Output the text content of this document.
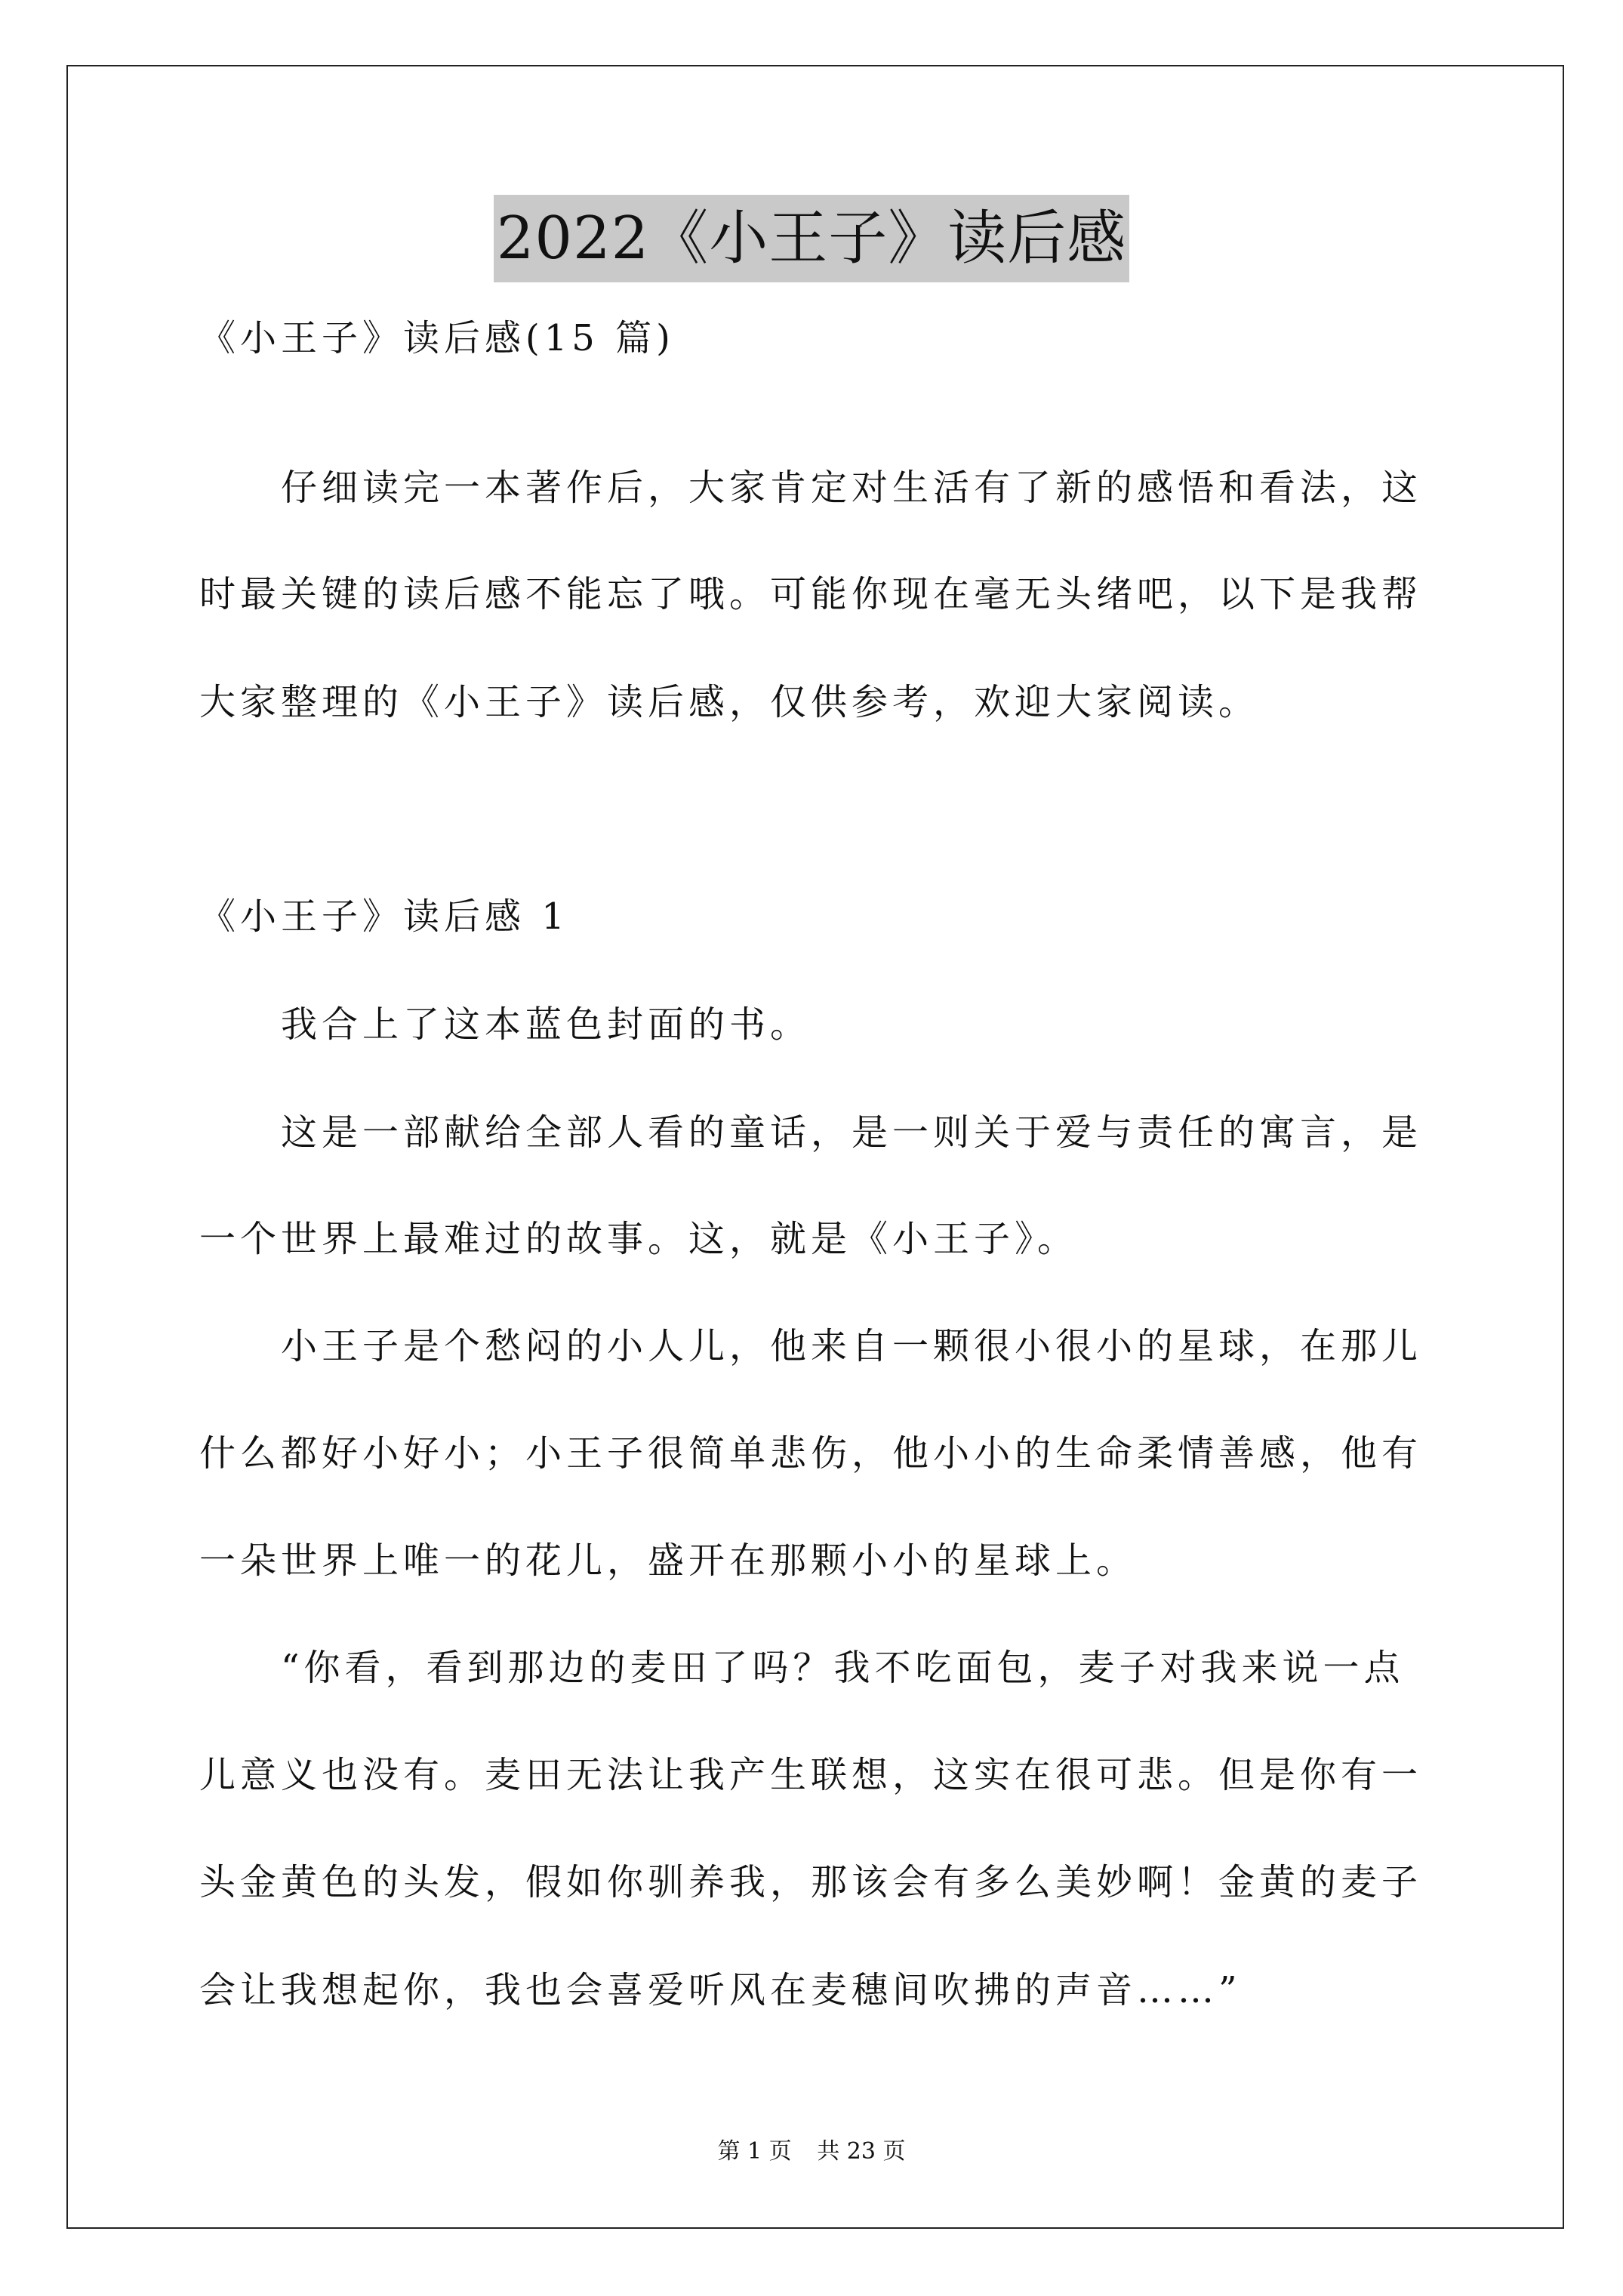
2022《小王子》读后感
《小王子》读后感(15 篇)
　　仔细读完一本著作后，大家肯定对生活有了新的感悟和看法，这
时最关键的读后感不能忘了哦。可能你现在毫无头绪吧，以下是我帮
大家整理的《小王子》读后感，仅供参考，欢迎大家阅读。
《小王子》读后感 1
　　我合上了这本蓝色封面的书。
　　这是一部献给全部人看的童话，是一则关于爱与责任的寓言，是
一个世界上最难过的故事。这，就是《小王子》。
　　小王子是个愁闷的小人儿，他来自一颗很小很小的星球，在那儿
什么都好小好小；小王子很简单悲伤，他小小的生命柔情善感，他有
一朵世界上唯一的花儿，盛开在那颗小小的星球上。
　　“你看，看到那边的麦田了吗？我不吃面包，麦子对我来说一点
儿意义也没有。麦田无法让我产生联想，这实在很可悲。但是你有一
头金黄色的头发，假如你驯养我，那该会有多么美妙啊！金黄的麦子
会让我想起你，我也会喜爱听风在麦穗间吹拂的声音……”
第 1 页 共 23 页
